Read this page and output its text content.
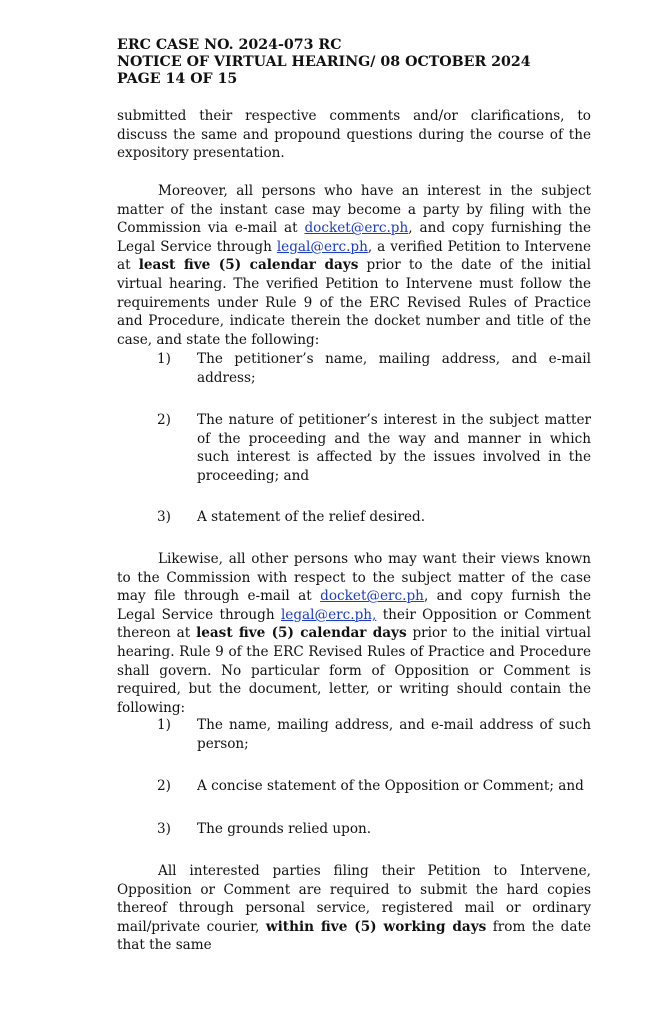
ERC CASE NO. 2024-073 RC
NOTICE OF VIRTUAL HEARING/ 08 OCTOBER 2024
PAGE 14 OF 15

submitted their respective comments and/or clarifications, to discuss the same and propound questions during the course of the expository presentation.

Moreover, all persons who have an interest in the subject matter of the instant case may become a party by filing with the Commission via e-mail at docket@erc.ph, and copy furnishing the Legal Service through legal@erc.ph, a verified Petition to Intervene at least five (5) calendar days prior to the date of the initial virtual hearing. The verified Petition to Intervene must follow the requirements under Rule 9 of the ERC Revised Rules of Practice and Procedure, indicate therein the docket number and title of the case, and state the following:

1)	The petitioner’s name, mailing address, and e-mail address;
2)	The nature of petitioner’s interest in the subject matter of the proceeding and the way and manner in which such interest is affected by the issues involved in the proceeding; and
3)	A statement of the relief desired.

Likewise, all other persons who may want their views known to the Commission with respect to the subject matter of the case may file through e-mail at docket@erc.ph, and copy furnish the Legal Service through legal@erc.ph, their Opposition or Comment thereon at least five (5) calendar days prior to the initial virtual hearing. Rule 9 of the ERC Revised Rules of Practice and Procedure shall govern. No particular form of Opposition or Comment is required, but the document, letter, or writing should contain the following:

1)	The name, mailing address, and e-mail address of such person;
2)	A concise statement of the Opposition or Comment; and
3)	The grounds relied upon.

All interested parties filing their Petition to Intervene, Opposition or Comment are required to submit the hard copies thereof through personal service, registered mail or ordinary mail/private courier, within five (5) working days from the date that the same
